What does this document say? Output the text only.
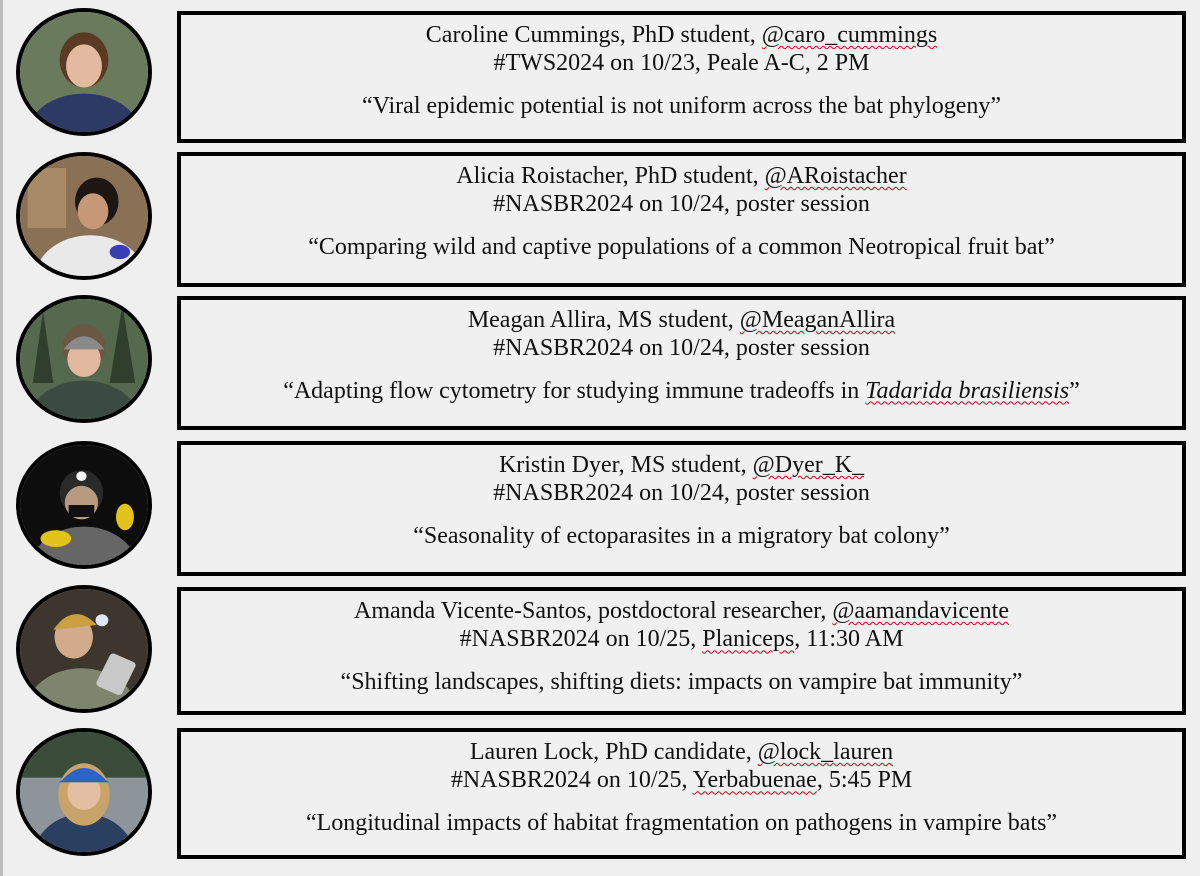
Caroline Cummings, PhD student, @caro_cummings
#TWS2024 on 10/23, Peale A-C, 2 PM
“Viral epidemic potential is not uniform across the bat phylogeny”
Alicia Roistacher, PhD student, @ARoistacher
#NASBR2024 on 10/24, poster session
“Comparing wild and captive populations of a common Neotropical fruit bat”
Meagan Allira, MS student, @MeaganAllira
#NASBR2024 on 10/24, poster session
“Adapting flow cytometry for studying immune tradeoffs in Tadarida brasiliensis”
Kristin Dyer, MS student, @Dyer_K_
#NASBR2024 on 10/24, poster session
“Seasonality of ectoparasites in a migratory bat colony”
Amanda Vicente-Santos, postdoctoral researcher, @aamandavicente
#NASBR2024 on 10/25, Planiceps, 11:30 AM
“Shifting landscapes, shifting diets: impacts on vampire bat immunity”
Lauren Lock, PhD candidate, @lock_lauren
#NASBR2024 on 10/25, Yerbabuenae, 5:45 PM
“Longitudinal impacts of habitat fragmentation on pathogens in vampire bats”
